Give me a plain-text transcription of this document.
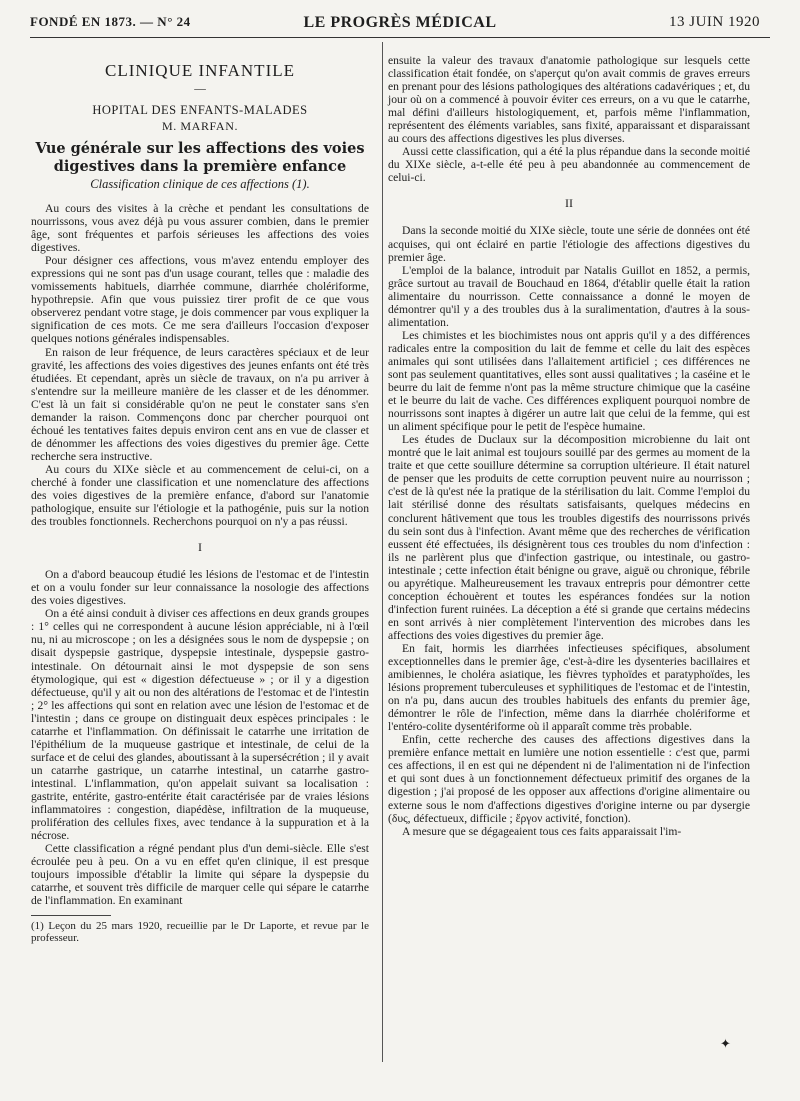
FONDÉ EN 1873. — N° 24	LE PROGRÈS MÉDICAL	13 JUIN 1920
CLINIQUE INFANTILE
—
HOPITAL DES ENFANTS-MALADES
M. MARFAN.
Vue générale sur les affections des voies
digestives dans la première enfance
Classification clinique de ces affections (1).

Au cours des visites à la crèche et pendant les consultations de nourrissons, vous avez déjà pu vous assurer combien, dans le premier âge, sont fréquentes et parfois sérieuses les affections des voies digestives.

Pour désigner ces affections, vous m'avez entendu employer des expressions qui ne sont pas d'un usage courant, telles que : maladie des vomissements habituels, diarrhée commune, diarrhée cholériforme, hypothrepsie. Afin que vous puissiez tirer profit de ce que vous observerez pendant votre stage, je dois commencer par vous expliquer la signification de ces mots. Ce me sera d'ailleurs l'occasion d'exposer quelques notions générales indispensables.

En raison de leur fréquence, de leurs caractères spéciaux et de leur gravité, les affections des voies digestives des jeunes enfants ont été très étudiées. Et cependant, après un siècle de travaux, on n'a pu arriver à s'entendre sur la meilleure manière de les classer et de les dénommer. C'est là un fait si considérable qu'on ne peut le constater sans s'en demander la raison. Commençons donc par chercher pourquoi ont échoué les tentatives faites depuis environ cent ans en vue de classer et de dénommer les affections des voies digestives du premier âge. Cette recherche sera instructive.

Au cours du XIXe siècle et au commencement de celui-ci, on a cherché à fonder une classification et une nomenclature des affections des voies digestives de la première enfance, d'abord sur l'anatomie pathologique, ensuite sur l'étiologie et la pathogénie, puis sur la notion des troubles fonctionnels. Recherchons pourquoi on n'y a pas réussi.

I

On a d'abord beaucoup étudié les lésions de l'estomac et de l'intestin et on a voulu fonder sur leur connaissance la nosologie des affections des voies digestives.

On a été ainsi conduit à diviser ces affections en deux grands groupes : 1° celles qui ne correspondent à aucune lésion appréciable, ni à l'œil nu, ni au microscope ; on les a désignées sous le nom de dyspepsie ; on disait dyspepsie gastrique, dyspepsie intestinale, dyspepsie gastro-intestinale. On détournait ainsi le mot dyspepsie de son sens étymologique, qui est « digestion défectueuse » ; or il y a digestion défectueuse, qu'il y ait ou non des altérations de l'estomac et de l'intestin ; 2° les affections qui sont en relation avec une lésion de l'estomac et de l'intestin ; dans ce groupe on distinguait deux espèces principales : le catarrhe et l'inflammation. On définissait le catarrhe une irritation de l'épithélium de la muqueuse gastrique et intestinale, de celui de la surface et de celui des glandes, aboutissant à la supersécrétion ; il y avait un catarrhe gastrique, un catarrhe intestinal, un catarrhe gastro-intestinal. L'inflammation, qu'on appelait suivant sa localisation : gastrite, entérite, gastro-entérite était caractérisée par de vraies lésions inflammatoires : congestion, diapédèse, infiltration de la muqueuse, prolifération des cellules fixes, avec tendance à la suppuration et à la nécrose.

Cette classification a régné pendant plus d'un demi-siècle. Elle s'est écroulée peu à peu. On a vu en effet qu'en clinique, il est presque toujours impossible d'établir la limite qui sépare la dyspepsie du catarrhe, et souvent très difficile de marquer celle qui sépare le catarrhe de l'inflammation. En examinant

(1) Leçon du 25 mars 1920, recueillie par le Dr Laporte, et revue par le professeur.

ensuite la valeur des travaux d'anatomie pathologique sur lesquels cette classification était fondée, on s'aperçut qu'on avait commis de graves erreurs en prenant pour des lésions pathologiques des altérations cadavériques ; et, du jour où on a commencé à pouvoir éviter ces erreurs, on a vu que le catarrhe, mal défini d'ailleurs histologiquement, et, parfois même l'inflammation, représentent des éléments variables, sans fixité, apparaissant et disparaissant au cours des affections digestives les plus diverses.

Aussi cette classification, qui a été la plus répandue dans la seconde moitié du XIXe siècle, a-t-elle été peu à peu abandonnée au commencement de celui-ci.

II

Dans la seconde moitié du XIXe siècle, toute une série de données ont été acquises, qui ont éclairé en partie l'étiologie des affections digestives du premier âge.

L'emploi de la balance, introduit par Natalis Guillot en 1852, a permis, grâce surtout au travail de Bouchaud en 1864, d'établir quelle était la ration alimentaire du nourrisson. Cette connaissance a donné le moyen de démontrer qu'il y a des troubles dus à la suralimentation, d'autres à la sous-alimentation.

Les chimistes et les biochimistes nous ont appris qu'il y a des différences radicales entre la composition du lait de femme et celle du lait des espèces animales qui sont utilisées dans l'allaitement artificiel ; ces différences ne sont pas seulement quantitatives, elles sont aussi qualitatives ; la caséine et le beurre du lait de femme n'ont pas la même structure chimique que la caséine et le beurre du lait de vache. Ces différences expliquent pourquoi nombre de nourrissons sont inaptes à digérer un autre lait que celui de la femme, qui est un aliment spécifique pour le petit de l'espèce humaine.

Les études de Duclaux sur la décomposition microbienne du lait ont montré que le lait animal est toujours souillé par des germes au moment de la traite et que cette souillure détermine sa corruption ultérieure. Il était naturel de penser que les produits de cette corruption peuvent nuire au nourrisson ; c'est de là qu'est née la pratique de la stérilisation du lait. Comme l'emploi du lait stérilisé donne des résultats satisfaisants, quelques médecins en conclurent hâtivement que tous les troubles digestifs des nourrissons privés du sein sont dus à l'infection. Avant même que des recherches de vérification eussent été effectuées, ils désignèrent tous ces troubles du nom d'infection : ils ne parlèrent plus que d'infection gastrique, ou intestinale, ou gastro-intestinale ; cette infection était bénigne ou grave, aiguë ou chronique, fébrile ou apyrétique. Malheureusement les travaux entrepris pour démontrer cette conception échouèrent et toutes les espérances fondées sur la notion d'infection furent ruinées. La déception a été si grande que certains médecins en sont arrivés à nier complètement l'intervention des microbes dans les affections des voies digestives du premier âge.

En fait, hormis les diarrhées infectieuses spécifiques, absolument exceptionnelles dans le premier âge, c'est-à-dire les dysenteries bacillaires et amibiennes, le choléra asiatique, les fièvres typhoïdes et paratyphoïdes, les lésions proprement tuberculeuses et syphilitiques de l'estomac et de l'intestin, on n'a pu, dans aucun des troubles habituels des enfants du premier âge, démontrer le rôle de l'infection, même dans la diarrhée cholériforme et l'entéro-colite dysentériforme où il apparaît comme très probable.

Enfin, cette recherche des causes des affections digestives dans la première enfance mettait en lumière une notion essentielle : c'est que, parmi ces affections, il en est qui ne dépendent ni de l'alimentation ni de l'infection et qui sont dues à un fonctionnement défectueux primitif des organes de la digestion ; j'ai proposé de les opposer aux affections d'origine alimentaire ou externe sous le nom d'affections digestives d'origine interne ou par dysergie (δυς, défectueux, difficile ; ἔργον activité, fonction).

A mesure que se dégageaient tous ces faits apparaissait l'im-

✦
